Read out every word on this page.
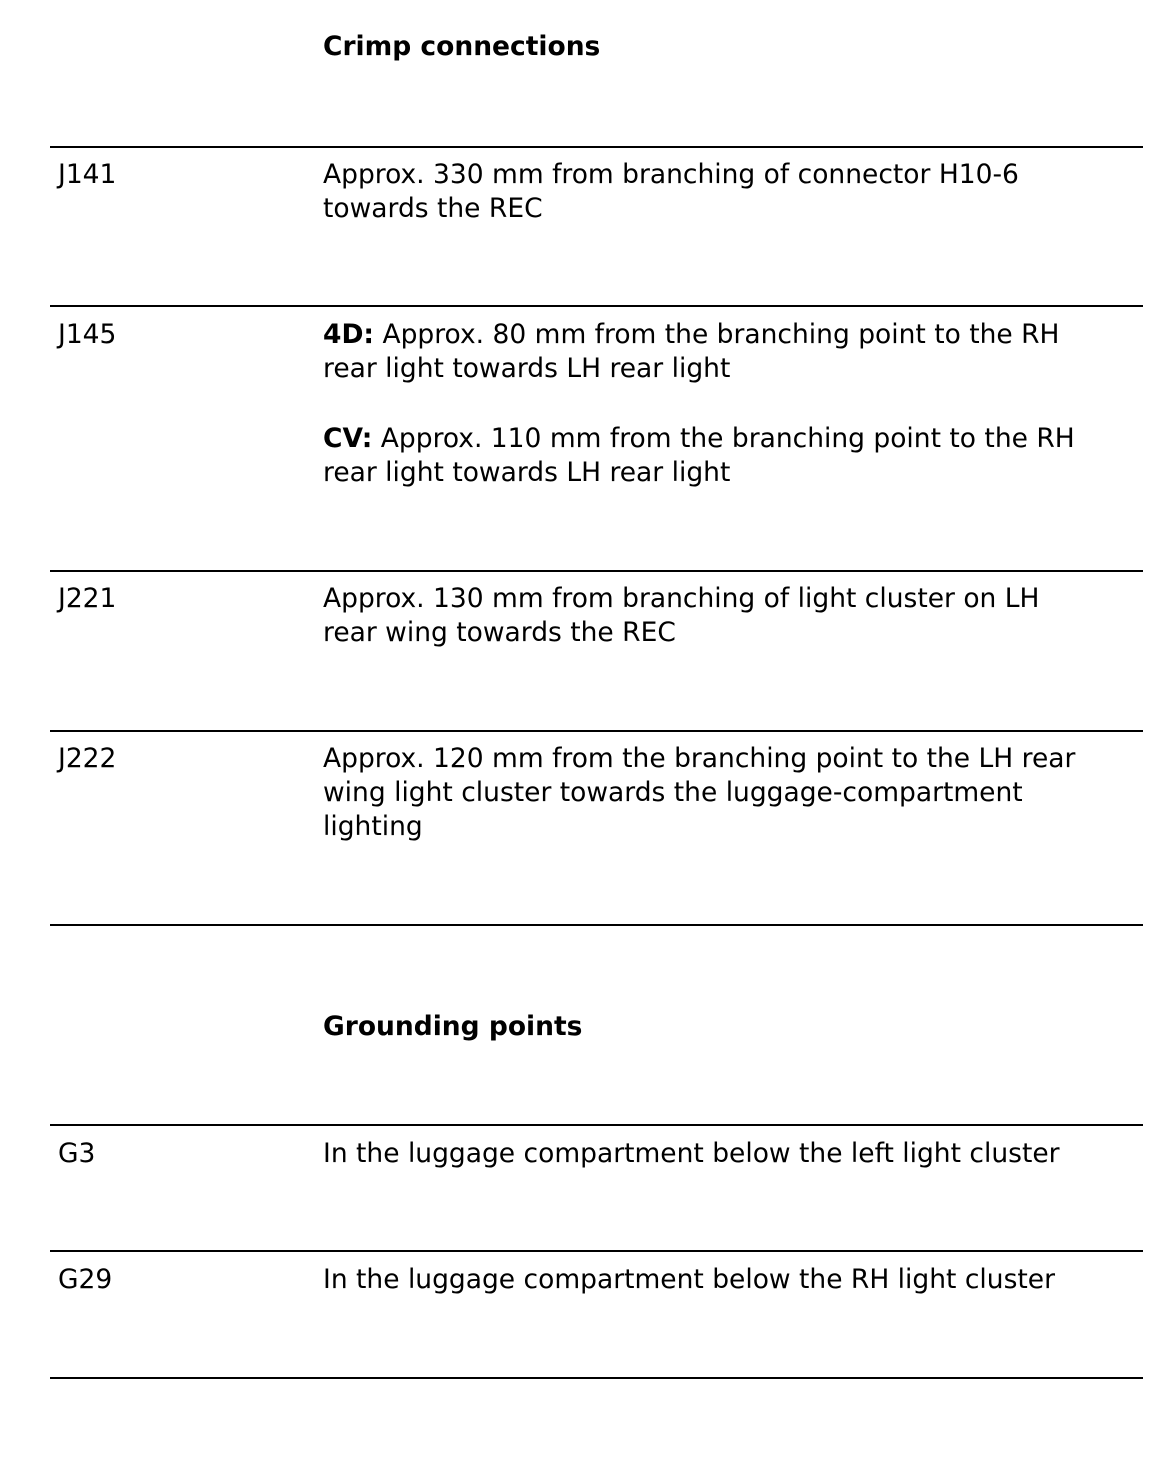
Crimp connections
J141	Approx. 330 mm from branching of connector H10-6
towards the REC

J145	4D: Approx. 80 mm from the branching point to the RH
rear light towards LH rear light

CV: Approx. 110 mm from the branching point to the RH
rear light towards LH rear light

J221	Approx. 130 mm from branching of light cluster on LH
rear wing towards the REC

J222	Approx. 120 mm from the branching point to the LH rear
wing light cluster towards the luggage-compartment
lighting

Grounding points
G3	In the luggage compartment below the left light cluster

G29	In the luggage compartment below the RH light cluster
